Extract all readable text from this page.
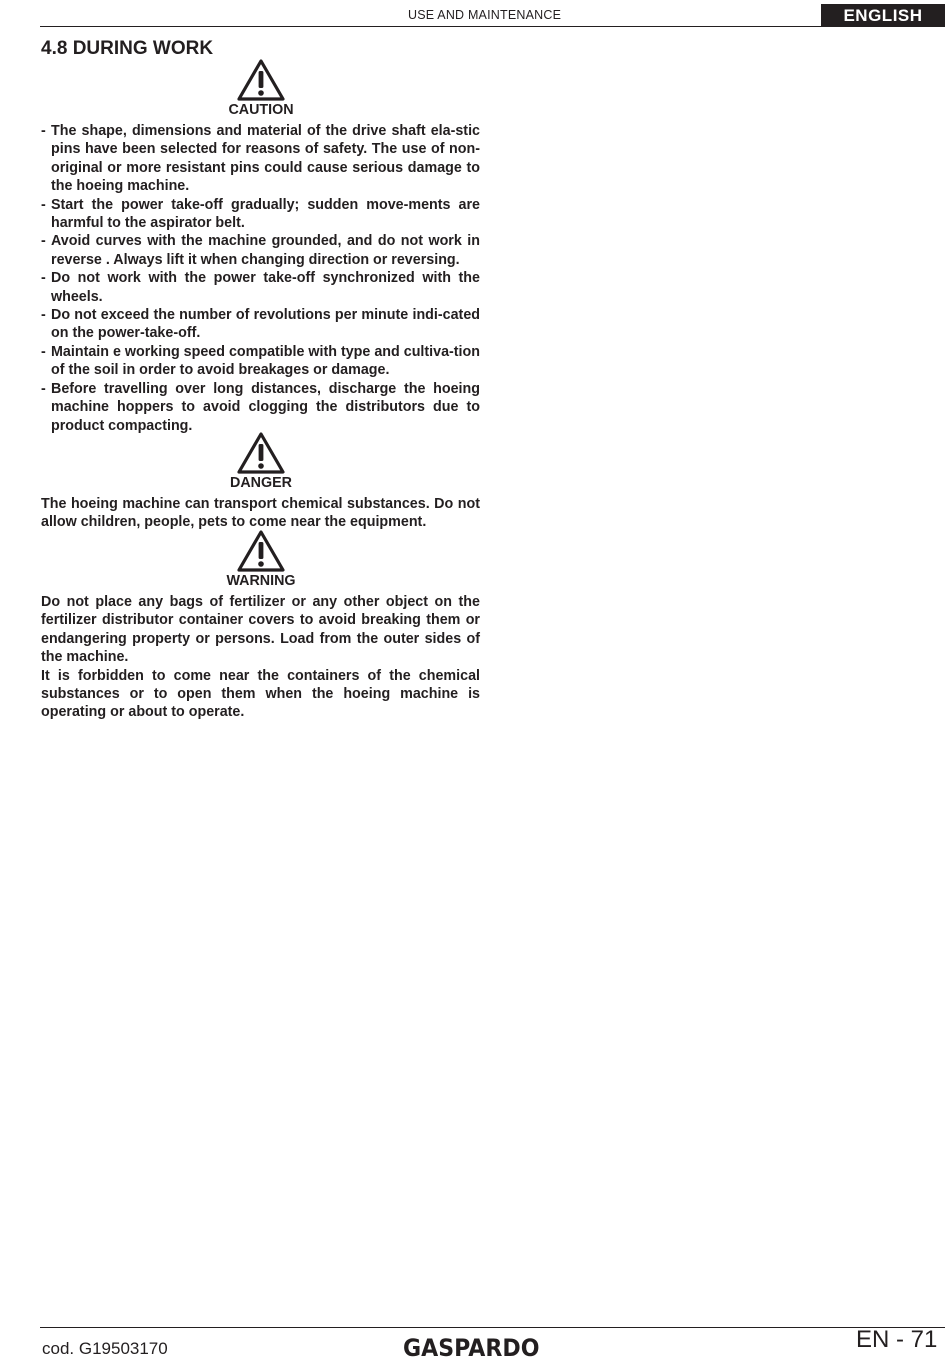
USE AND MAINTENANCE	ENGLISH
4.8 DURING WORK
CAUTION
- The shape, dimensions and material of the drive shaft ela-stic pins have been selected for reasons of safety. The use of non-original or more resistant pins could cause serious damage to the hoeing machine.
- Start the power take-off gradually; sudden move-ments are harmful to the aspirator belt.
- Avoid curves with the machine grounded, and do not work in reverse . Always lift it when changing direction or reversing.
- Do not work with the power take-off synchronized with the wheels.
- Do not exceed the number of revolutions per minute indi-cated on the power-take-off.
- Maintain e working speed compatible with type and cultiva-tion of the soil in order to avoid breakages or damage.
- Before travelling over long distances, discharge the hoeing machine hoppers to avoid clogging the distributors due to product compacting.
DANGER

The hoeing machine can transport chemical substances. Do not allow children, people, pets to come near the equipment.

WARNING

Do not place any bags of fertilizer or any other object on the fertilizer distributor container covers to avoid breaking them or endangering property or persons. Load from the outer sides of the machine.

It is forbidden to come near the containers of the chemical substances or to open them when the hoeing machine is operating or about to operate.

cod. G19503170	GASPARDO	EN - 71
